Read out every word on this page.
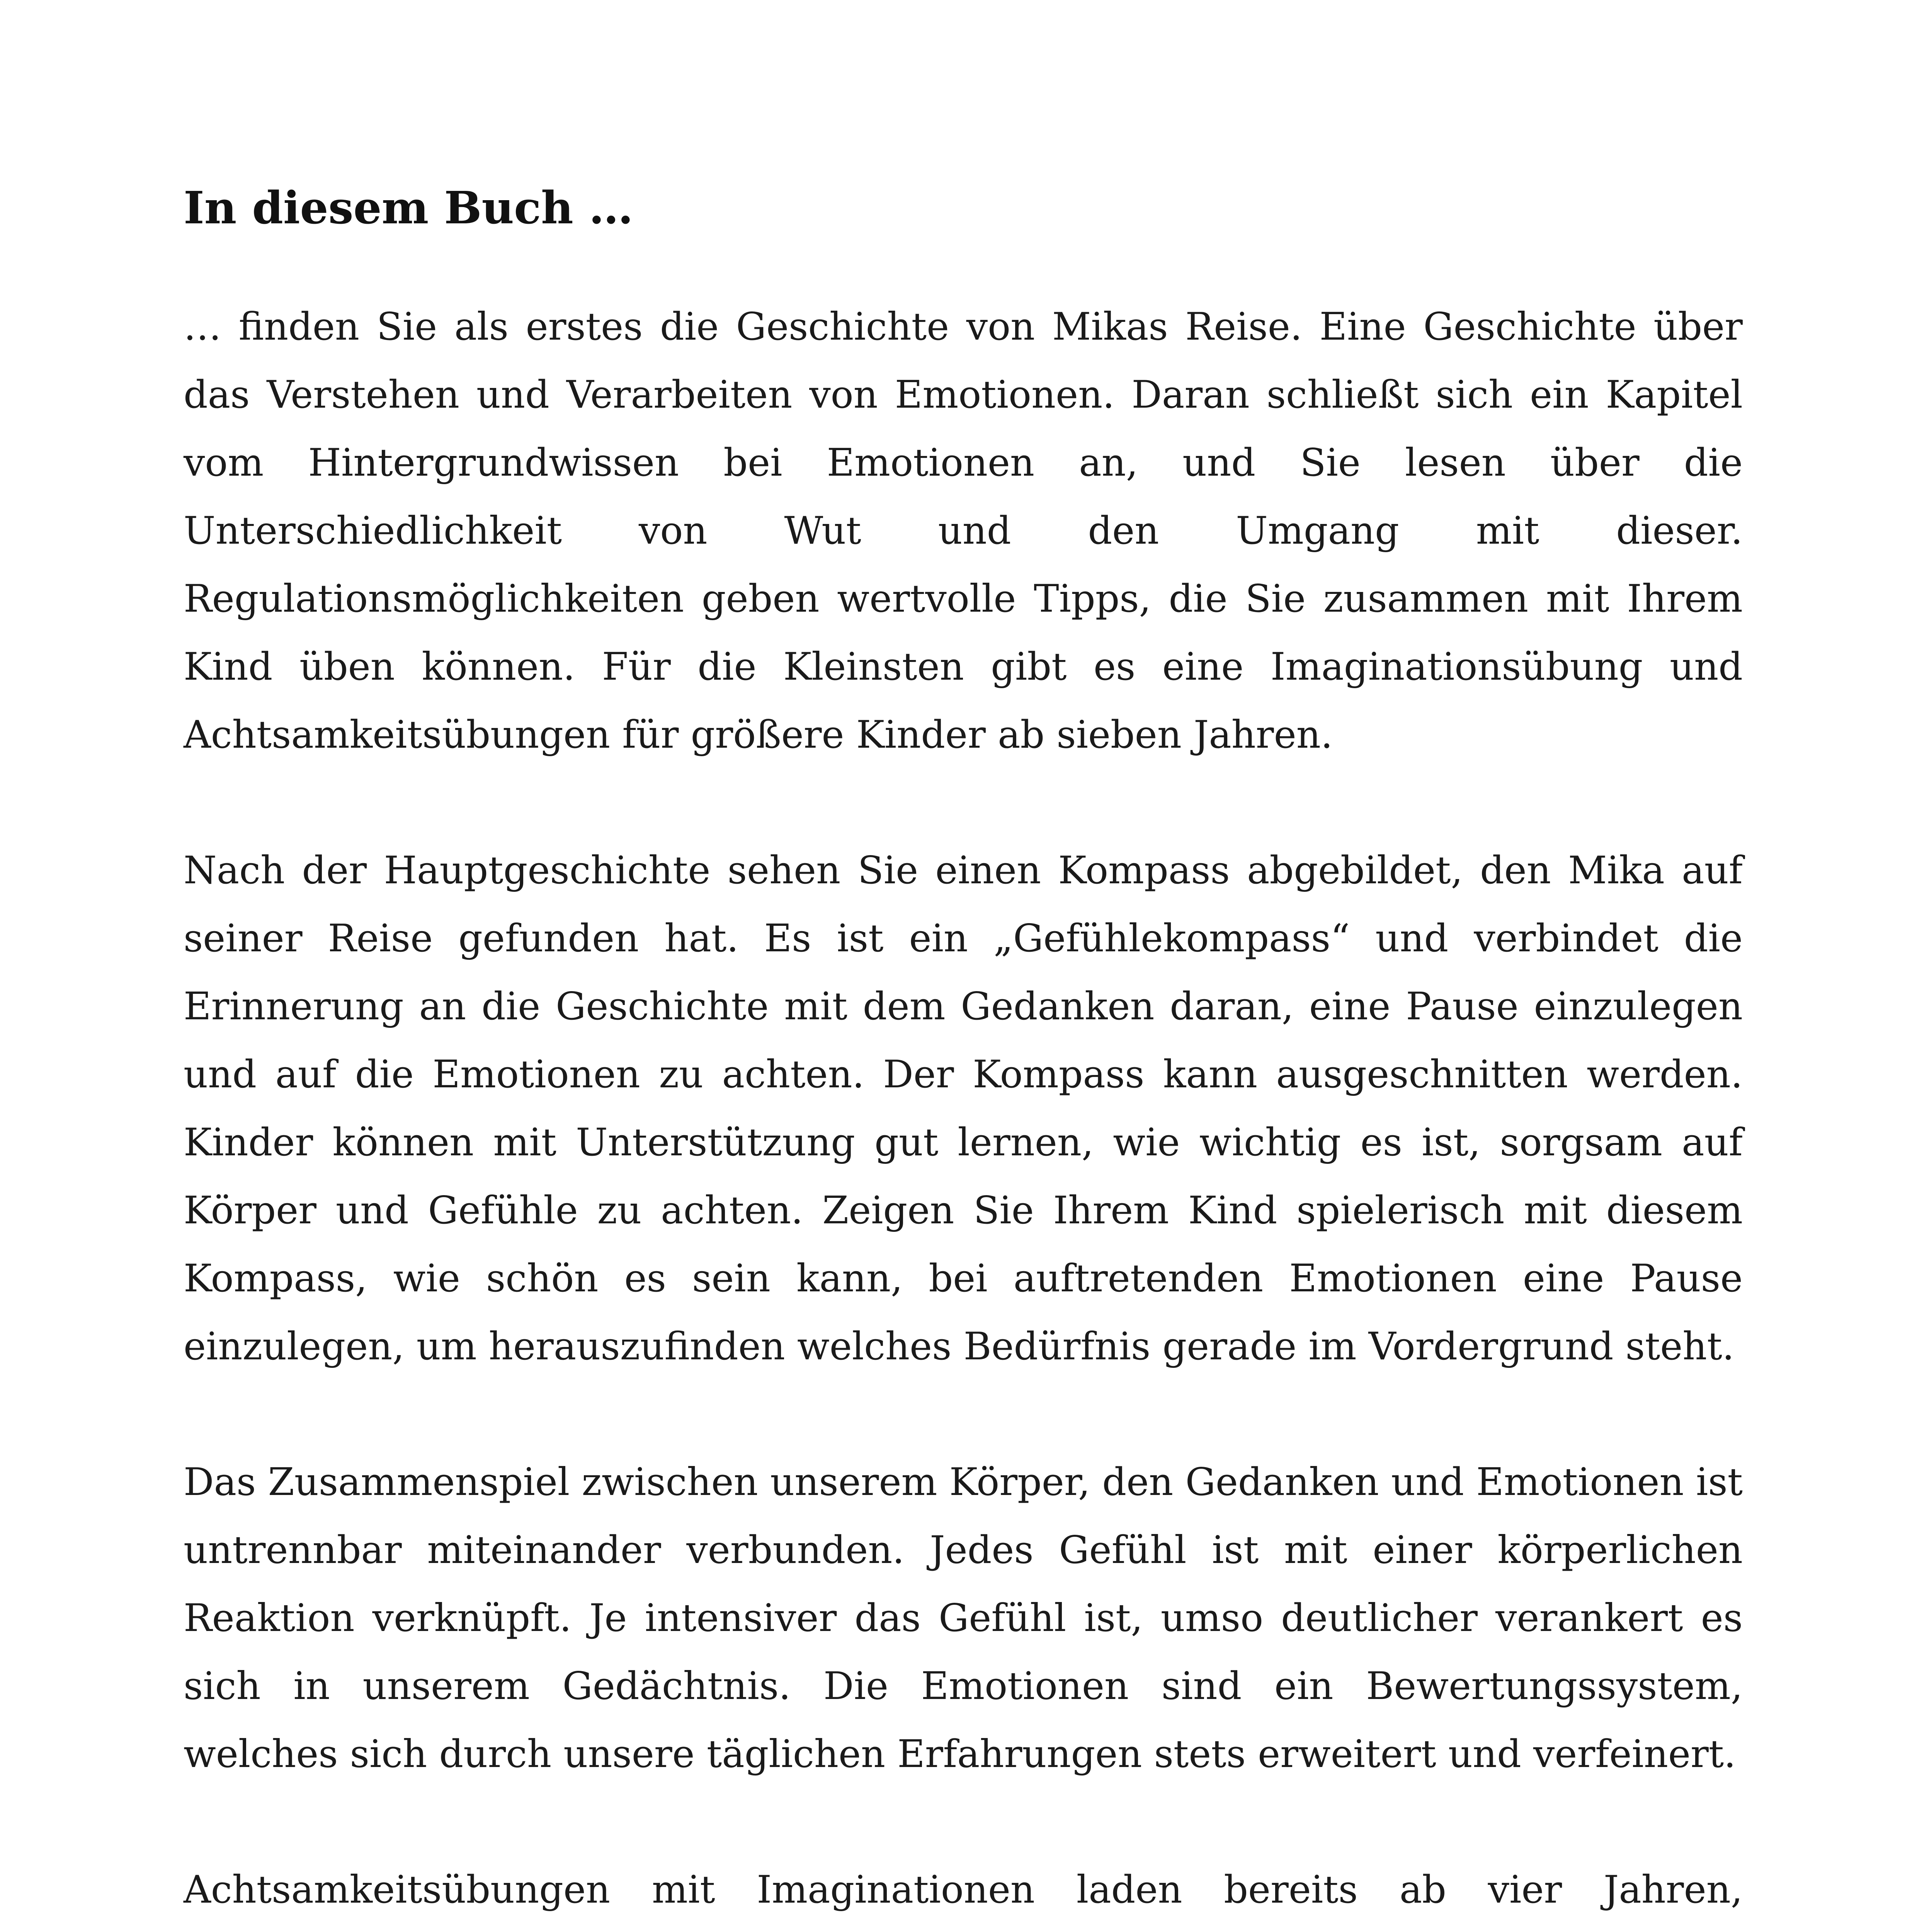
In diesem Buch …

… finden Sie als erstes die Geschichte von Mikas Reise. Eine Geschichte über das Verstehen und Verarbeiten von Emotionen. Daran schließt sich ein Kapitel vom Hintergrundwissen bei Emotionen an, und Sie lesen über die Unterschiedlichkeit von Wut und den Umgang mit dieser. Regulationsmöglichkeiten geben wertvolle Tipps, die Sie zusammen mit Ihrem Kind üben können. Für die Kleinsten gibt es eine Imaginationsübung und Achtsamkeitsübungen für größere Kinder ab sieben Jahren.

Nach der Hauptgeschichte sehen Sie einen Kompass abgebildet, den Mika auf seiner Reise gefunden hat. Es ist ein „Gefühlekompass“ und verbindet die Erinnerung an die Geschichte mit dem Gedanken daran, eine Pause einzulegen und auf die Emotionen zu achten. Der Kompass kann ausgeschnitten werden. Kinder können mit Unterstützung gut lernen, wie wichtig es ist, sorgsam auf Körper und Gefühle zu achten. Zeigen Sie Ihrem Kind spielerisch mit diesem Kompass, wie schön es sein kann, bei auftretenden Emotionen eine Pause einzulegen, um herauszufinden welches Bedürfnis gerade im Vordergrund steht.

Das Zusammenspiel zwischen unserem Körper, den Gedanken und Emotionen ist untrennbar miteinander verbunden. Jedes Gefühl ist mit einer körperlichen Reaktion verknüpft. Je intensiver das Gefühl ist, umso deutlicher verankert es sich in unserem Gedächtnis. Die Emotionen sind ein Bewertungssystem, welches sich durch unsere täglichen Erfahrungen stets erweitert und verfeinert.

Achtsamkeitsübungen mit Imaginationen laden bereits ab vier Jahren,
